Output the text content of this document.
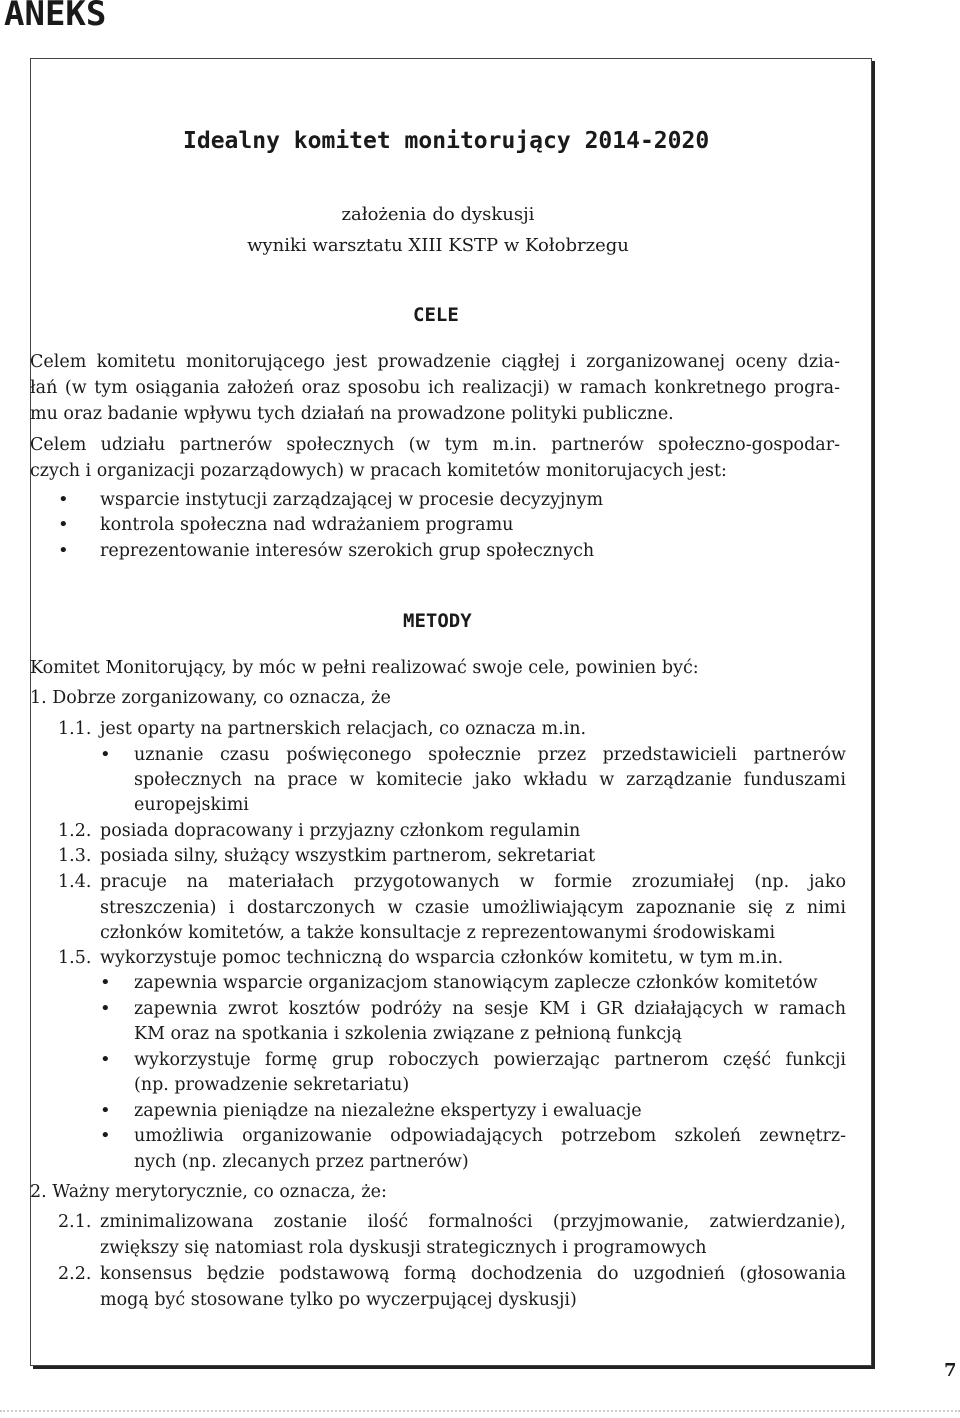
ANEKS
Idealny komitet monitorujący 2014-2020
założenia do dyskusji
wyniki warsztatu XIII KSTP w Kołobrzegu
CELE
Celem komitetu monitorującego jest prowadzenie ciągłej i zorganizowanej oceny dzia-
łań (w tym osiągania założeń oraz sposobu ich realizacji) w ramach konkretnego progra-
mu oraz badanie wpływu tych działań na prowadzone polityki publiczne.
Celem udziału partnerów społecznych (w tym m.in. partnerów społeczno-gospodar-
czych i organizacji pozarządowych) w pracach komitetów monitorujacych jest:
• wsparcie instytucji zarządzającej w procesie decyzyjnym
• kontrola społeczna nad wdrażaniem programu
• reprezentowanie interesów szerokich grup społecznych
METODY
Komitet Monitorujący, by móc w pełni realizować swoje cele, powinien być:
1. Dobrze zorganizowany, co oznacza, że
1.1. jest oparty na partnerskich relacjach, co oznacza m.in.
• uznanie czasu poświęconego społecznie przez przedstawicieli partnerów
społecznych na prace w komitecie jako wkładu w zarządzanie funduszami
europejskimi
1.2. posiada dopracowany i przyjazny członkom regulamin
1.3. posiada silny, służący wszystkim partnerom, sekretariat
1.4. pracuje na materiałach przygotowanych w formie zrozumiałej (np. jako
streszczenia) i dostarczonych w czasie umożliwiającym zapoznanie się z nimi
członków komitetów, a także konsultacje z reprezentowanymi środowiskami
1.5. wykorzystuje pomoc techniczną do wsparcia członków komitetu, w tym m.in.
• zapewnia wsparcie organizacjom stanowiącym zaplecze członków komitetów
• zapewnia zwrot kosztów podróży na sesje KM i GR działających w ramach
KM oraz na spotkania i szkolenia związane z pełnioną funkcją
• wykorzystuje formę grup roboczych powierzając partnerom część funkcji
(np. prowadzenie sekretariatu)
• zapewnia pieniądze na niezależne ekspertyzy i ewaluacje
• umożliwia organizowanie odpowiadających potrzebom szkoleń zewnętrz-
nych (np. zlecanych przez partnerów)
2. Ważny merytorycznie, co oznacza, że:
2.1. zminimalizowana zostanie ilość formalności (przyjmowanie, zatwierdzanie),
zwiększy się natomiast rola dyskusji strategicznych i programowych
2.2. konsensus będzie podstawową formą dochodzenia do uzgodnień (głosowania
mogą być stosowane tylko po wyczerpującej dyskusji)
7
